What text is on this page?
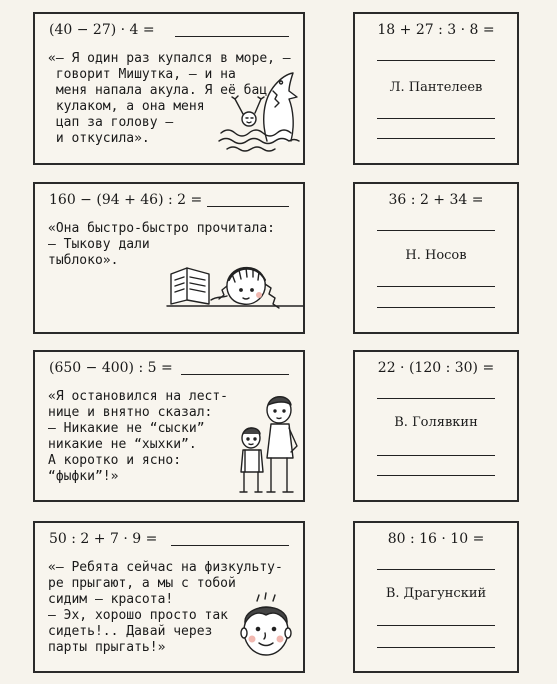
(40 − 27) · 4 =
«— Я один раз купался в море, —
говорит Мишутка, — и на
меня напала акула. Я её бац
кулаком, а она меня
цап за голову —
и откусила».
18 + 27 : 3 · 8 =
Л. Пантелеев
160 − (94 + 46) : 2 =
«Она быстро-быстро прочитала:
— Тыкову дали
тыблоко».
36 : 2 + 34 =
Н. Носов
(650 − 400) : 5 =
«Я остановился на лест-
нице и внятно сказал:
— Никакие не “сыски”
никакие не “хыхки”.
А коротко и ясно:
“фыфки”!»
22 · (120 : 30) =
В. Голявкин
50 : 2 + 7 · 9 =
«— Ребята сейчас на физкульту-
ре прыгают, а мы с тобой
сидим — красота!
— Эх, хорошо просто так
сидеть!.. Давай через
парты прыгать!»
80 : 16 · 10 =
В. Драгунский
